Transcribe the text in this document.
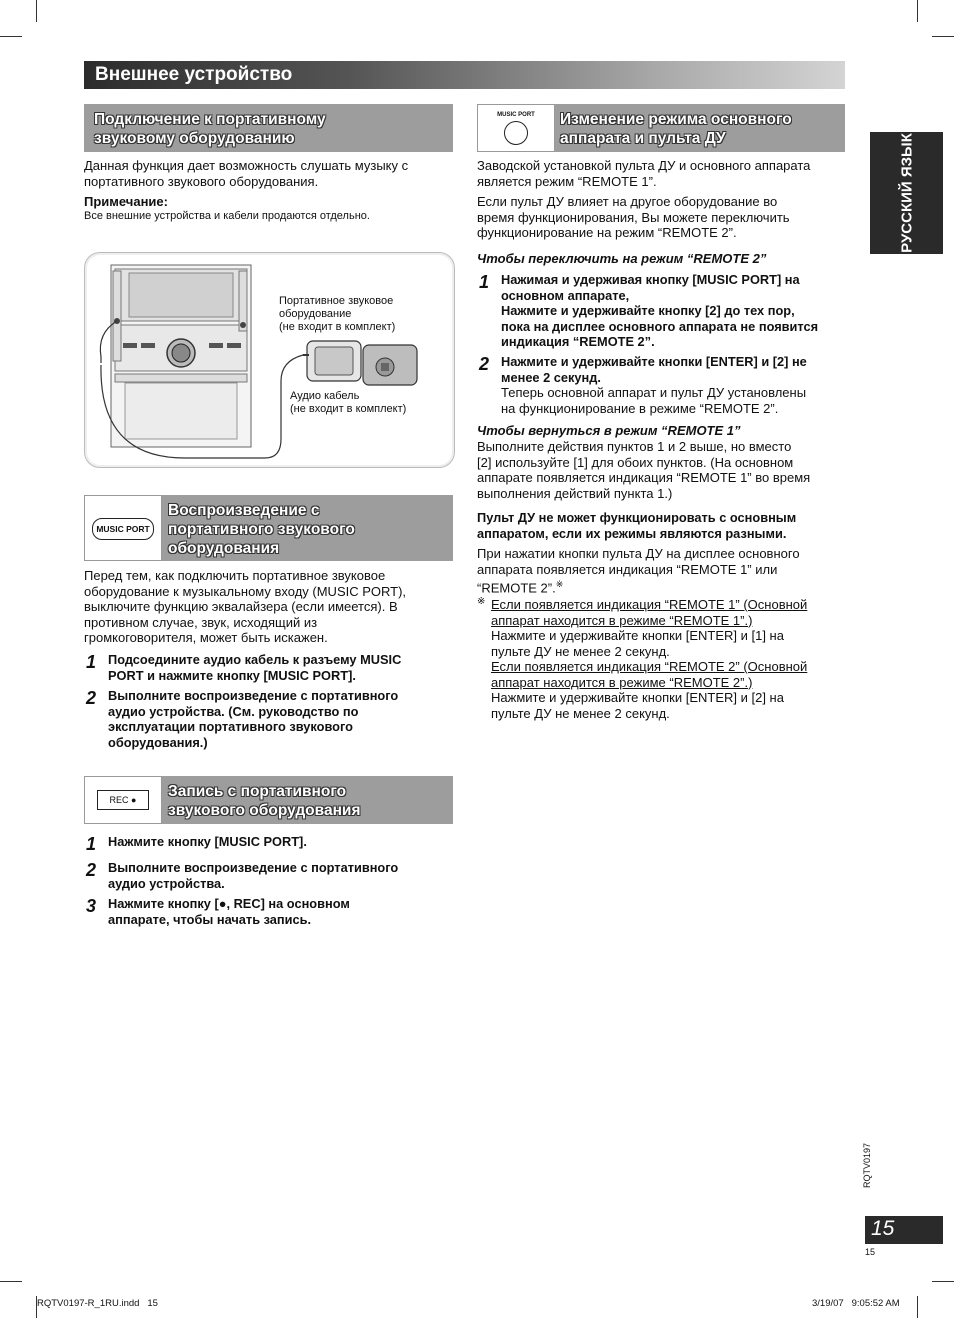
Внешнее устройство
РУССКИЙ ЯЗЫК
Подключение к портативному
звуковому оборудованию
Данная функция дает возможность слушать музыку с
портативного звукового оборудования.
Примечание:
Все внешние устройства и кабели продаются отдельно.
Портативное звуковое
оборудование
(не входит в комплект)
Аудио кабель
(не входит в комплект)
MUSIC PORT
Воспроизведение с
портативного звукового
оборудования
Перед тем, как подключить портативное звуковое
оборудование к музыкальному входу (MUSIC PORT),
выключите функцию эквалайзера (если имеется). В
противном случае, звук, исходящий из
громкоговорителя, может быть искажен.
1 Подсоедините аудио кабель к разъему MUSIC
PORT и нажмите кнопку [MUSIC PORT].
2 Выполните воспроизведение с портативного
аудио устройства. (См. руководство по
эксплуатации портативного звукового
оборудования.)
REC ●	Запись с портативного
звукового оборудования
1 Нажмите кнопку [MUSIC PORT].
2 Выполните воспроизведение с портативного
аудио устройства.
3 Нажмите кнопку [●, REC] на основном
аппарате, чтобы начать запись.
MUSIC PORT	Изменение режима основного
аппарата и пульта ДУ
Заводской установкой пульта ДУ и основного аппарата
является режим “REMOTE 1”.
Если пульт ДУ влияет на другое оборудование во
время функционирования, Вы можете переключить
функционирование на режим “REMOTE 2”.
Чтобы переключить на режим “REMOTE 2”
1 Нажимая и удерживая кнопку [MUSIC PORT] на
основном аппарате,
Нажмите и удерживайте кнопку [2] до тех пор,
пока на дисплее основного аппарата не появится
индикация “REMOTE 2”.
2 Нажмите и удерживайте кнопки [ENTER] и [2] не
менее 2 секунд.
Теперь основной аппарат и пульт ДУ установлены
на функционирование в режиме “REMOTE 2”.
Чтобы вернуться в режим “REMOTE 1”
Выполните действия пунктов 1 и 2 выше, но вместо
[2] используйте [1] для обоих пунктов. (На основном
аппарате появляется индикация “REMOTE 1” во время
выполнения действий пункта 1.)
Пульт ДУ не может функционировать с основным
аппаратом, если их режимы являются разными.
При нажатии кнопки пульта ДУ на дисплее основного
аппарата появляется индикация “REMOTE 1” или
“REMOTE 2”.※
※ Если появляется индикация “REMOTE 1” (Основной
аппарат находится в режиме “REMOTE 1”.)
Нажмите и удерживайте кнопки [ENTER] и [1] на
пульте ДУ не менее 2 секунд.
Если появляется индикация “REMOTE 2” (Основной
аппарат находится в режиме “REMOTE 2”.)
Нажмите и удерживайте кнопки [ENTER] и [2] на
пульте ДУ не менее 2 секунд.
RQTV0197
15
15
RQTV0197-R_1RU.indd   15	3/19/07   9:05:52 AM
